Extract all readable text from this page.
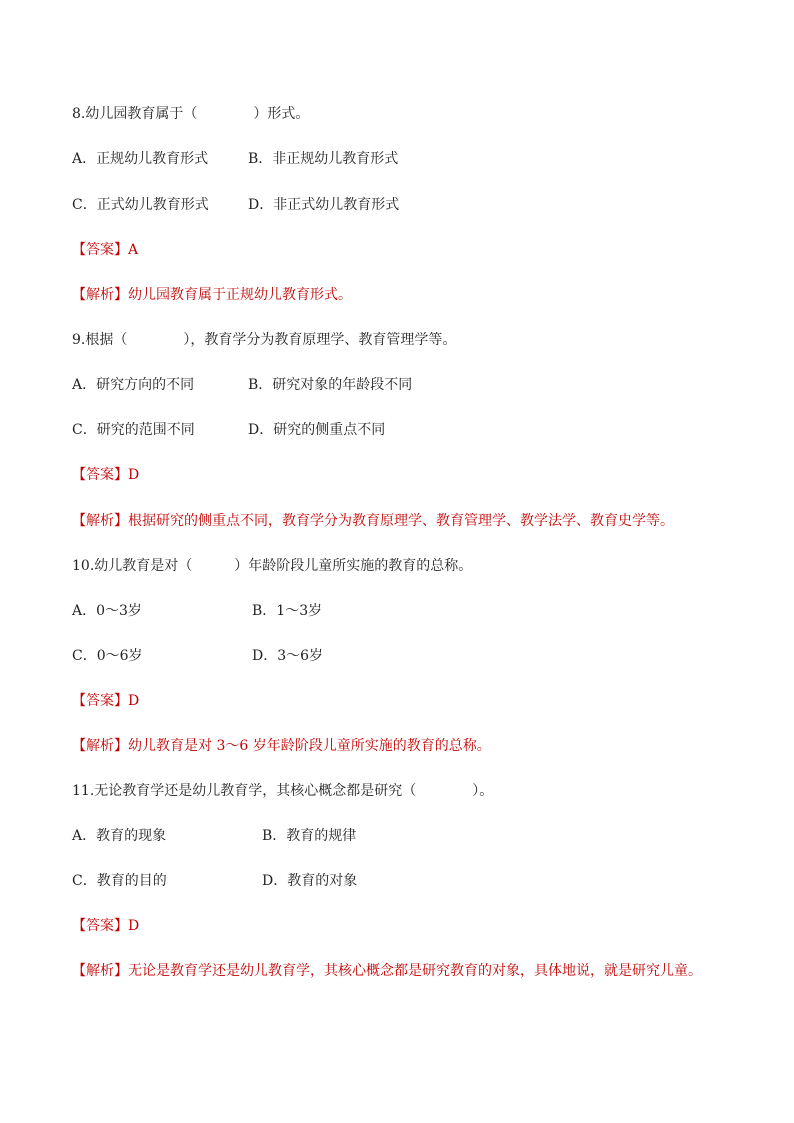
8.幼儿园教育属于（　　　　）形式。
A．正规幼儿教育形式	B．非正规幼儿教育形式
C．正式幼儿教育形式	D．非正式幼儿教育形式
【答案】A
【解析】幼儿园教育属于正规幼儿教育形式。
9.根据（　　　　），教育学分为教育原理学、教育管理学等。
A．研究方向的不同	B．研究对象的年龄段不同
C．研究的范围不同	D．研究的侧重点不同
【答案】D
【解析】根据研究的侧重点不同，教育学分为教育原理学、教育管理学、教学法学、教育史学等。
10.幼儿教育是对（　　　）年龄阶段儿童所实施的教育的总称。
A．0～3岁	B．1～3岁
C．0～6岁	D．3～6岁
【答案】D
【解析】幼儿教育是对 3～6 岁年龄阶段儿童所实施的教育的总称。
11.无论教育学还是幼儿教育学，其核心概念都是研究（　　　　）。
A．教育的现象	B．教育的规律
C．教育的目的	D．教育的对象
【答案】D
【解析】无论是教育学还是幼儿教育学，其核心概念都是研究教育的对象，具体地说，就是研究儿童。
